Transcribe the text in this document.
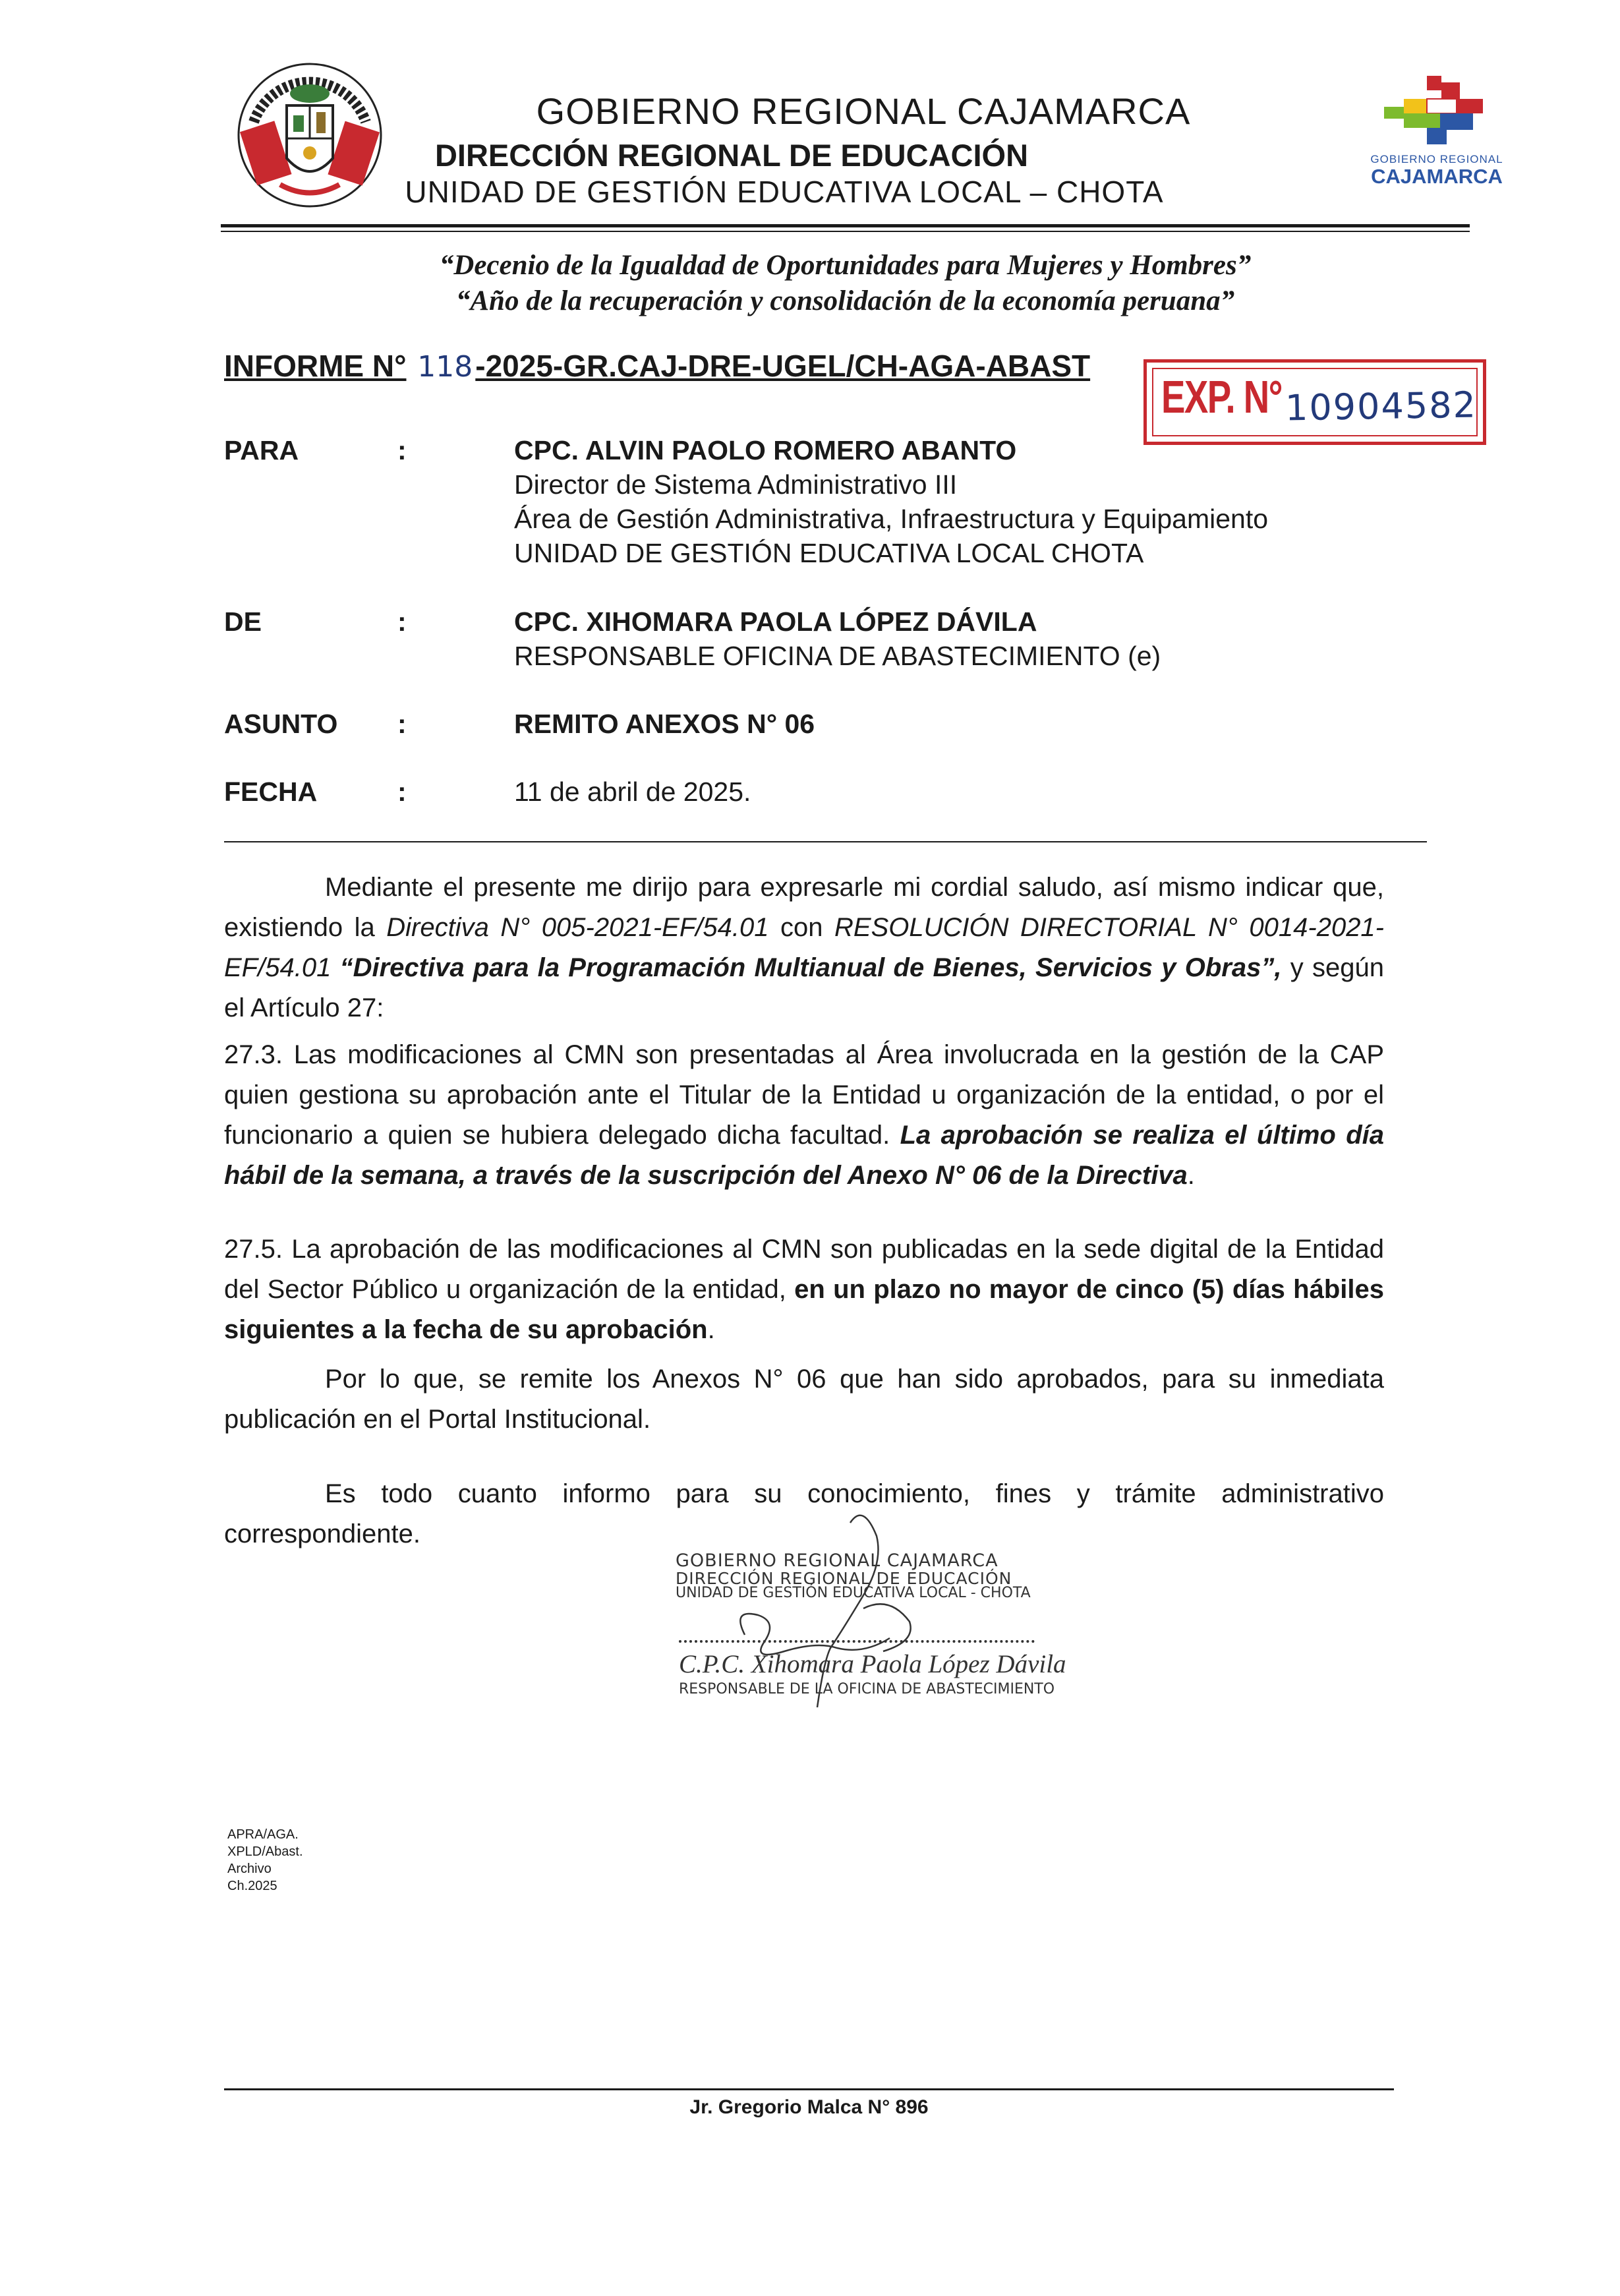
GOBIERNO REGIONAL
CAJAMARCA
GOBIERNO REGIONAL CAJAMARCA
DIRECCIÓN REGIONAL DE EDUCACIÓN
UNIDAD DE GESTIÓN EDUCATIVA LOCAL – CHOTA
“Decenio de la Igualdad de Oportunidades para Mujeres y Hombres”
“Año de la recuperación y consolidación de la economía peruana”
INFORME N° 118-2025-GR.CAJ-DRE-UGEL/CH-AGA-ABAST
EXP. N° 10904582
PARA	:	CPC. ALVIN PAOLO ROMERO ABANTO
Director de Sistema Administrativo III
Área de Gestión Administrativa, Infraestructura y Equipamiento
UNIDAD DE GESTIÓN EDUCATIVA LOCAL CHOTA
DE	:	CPC. XIHOMARA PAOLA LÓPEZ DÁVILA
RESPONSABLE OFICINA DE ABASTECIMIENTO (e)
ASUNTO :	REMITO ANEXOS N° 06
FECHA	:	11 de abril de 2025.
Mediante el presente me dirijo para expresarle mi cordial saludo, así mismo indicar que, existiendo la Directiva N° 005-2021-EF/54.01 con RESOLUCIÓN DIRECTORIAL N° 0014-2021-EF/54.01 “Directiva para la Programación Multianual de Bienes, Servicios y Obras”, y según el Artículo 27:
27.3. Las modificaciones al CMN son presentadas al Área involucrada en la gestión de la CAP quien gestiona su aprobación ante el Titular de la Entidad u organización de la entidad, o por el funcionario a quien se hubiera delegado dicha facultad. La aprobación se realiza el último día hábil de la semana, a través de la suscripción del Anexo N° 06 de la Directiva.
27.5. La aprobación de las modificaciones al CMN son publicadas en la sede digital de la Entidad del Sector Público u organización de la entidad, en un plazo no mayor de cinco (5) días hábiles siguientes a la fecha de su aprobación.
Por lo que, se remite los Anexos N° 06 que han sido aprobados, para su inmediata publicación en el Portal Institucional.
Es todo cuanto informo para su conocimiento, fines y trámite administrativo correspondiente.
GOBIERNO REGIONAL CAJAMARCA
DIRECCIÓN REGIONAL DE EDUCACIÓN
UNIDAD DE GESTIÓN EDUCATIVA LOCAL - CHOTA
C.P.C. Xihomara Paola López Dávila
RESPONSABLE DE LA OFICINA DE ABASTECIMIENTO
APRA/AGA.
XPLD/Abast.
Archivo
Ch.2025
Jr. Gregorio Malca N° 896
